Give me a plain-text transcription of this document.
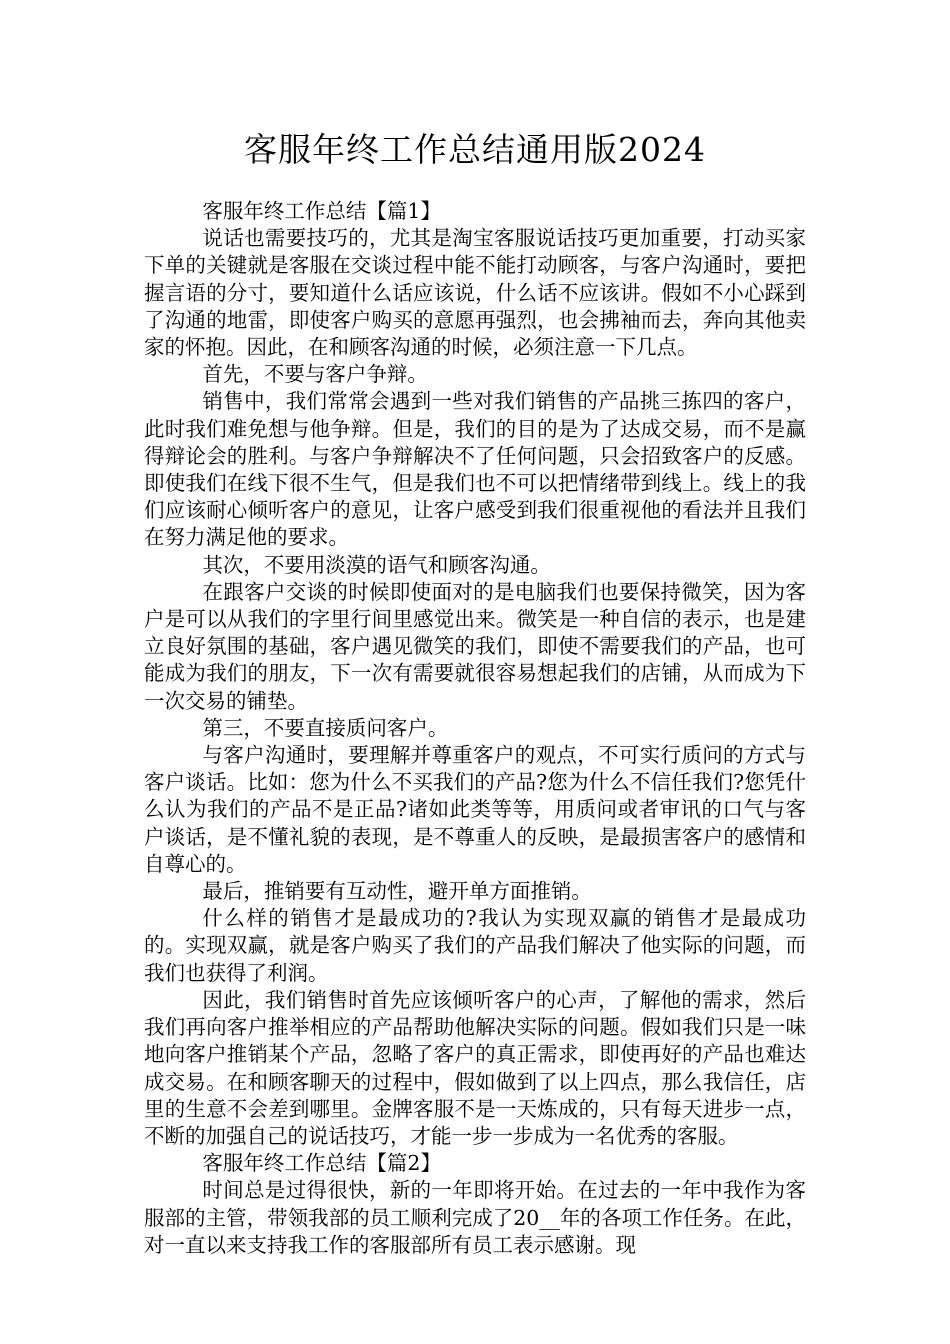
客服年终工作总结通用版2024

客服年终工作总结【篇1】

说话也需要技巧的，尤其是淘宝客服说话技巧更加重要，打动买家下单的关键就是客服在交谈过程中能不能打动顾客，与客户沟通时，要把握言语的分寸，要知道什么话应该说，什么话不应该讲。假如不小心踩到了沟通的地雷，即使客户购买的意愿再强烈，也会拂袖而去，奔向其他卖家的怀抱。因此，在和顾客沟通的时候，必须注意一下几点。

首先，不要与客户争辩。

销售中，我们常常会遇到一些对我们销售的产品挑三拣四的客户，此时我们难免想与他争辩。但是，我们的目的是为了达成交易，而不是赢得辩论会的胜利。与客户争辩解决不了任何问题，只会招致客户的反感。即使我们在线下很不生气，但是我们也不可以把情绪带到线上。线上的我们应该耐心倾听客户的意见，让客户感受到我们很重视他的看法并且我们在努力满足他的要求。

其次，不要用淡漠的语气和顾客沟通。

在跟客户交谈的时候即使面对的是电脑我们也要保持微笑，因为客户是可以从我们的字里行间里感觉出来。微笑是一种自信的表示，也是建立良好氛围的基础，客户遇见微笑的我们，即使不需要我们的产品，也可能成为我们的朋友，下一次有需要就很容易想起我们的店铺，从而成为下一次交易的铺垫。

第三，不要直接质问客户。

与客户沟通时，要理解并尊重客户的观点，不可实行质问的方式与客户谈话。比如：您为什么不买我们的产品?您为什么不信任我们?您凭什么认为我们的产品不是正品?诸如此类等等，用质问或者审讯的口气与客户谈话，是不懂礼貌的表现，是不尊重人的反映，是最损害客户的感情和自尊心的。

最后，推销要有互动性，避开单方面推销。

什么样的销售才是最成功的?我认为实现双赢的销售才是最成功的。实现双赢，就是客户购买了我们的产品我们解决了他实际的问题，而我们也获得了利润。

因此，我们销售时首先应该倾听客户的心声，了解他的需求，然后我们再向客户推举相应的产品帮助他解决实际的问题。假如我们只是一味地向客户推销某个产品，忽略了客户的真正需求，即使再好的产品也难达成交易。在和顾客聊天的过程中，假如做到了以上四点，那么我信任，店里的生意不会差到哪里。金牌客服不是一天炼成的，只有每天进步一点，不断的加强自己的说话技巧，才能一步一步成为一名优秀的客服。

客服年终工作总结【篇2】

时间总是过得很快，新的一年即将开始。在过去的一年中我作为客服部的主管，带领我部的员工顺利完成了20__年的各项工作任务。在此，对一直以来支持我工作的客服部所有员工表示感谢。现
